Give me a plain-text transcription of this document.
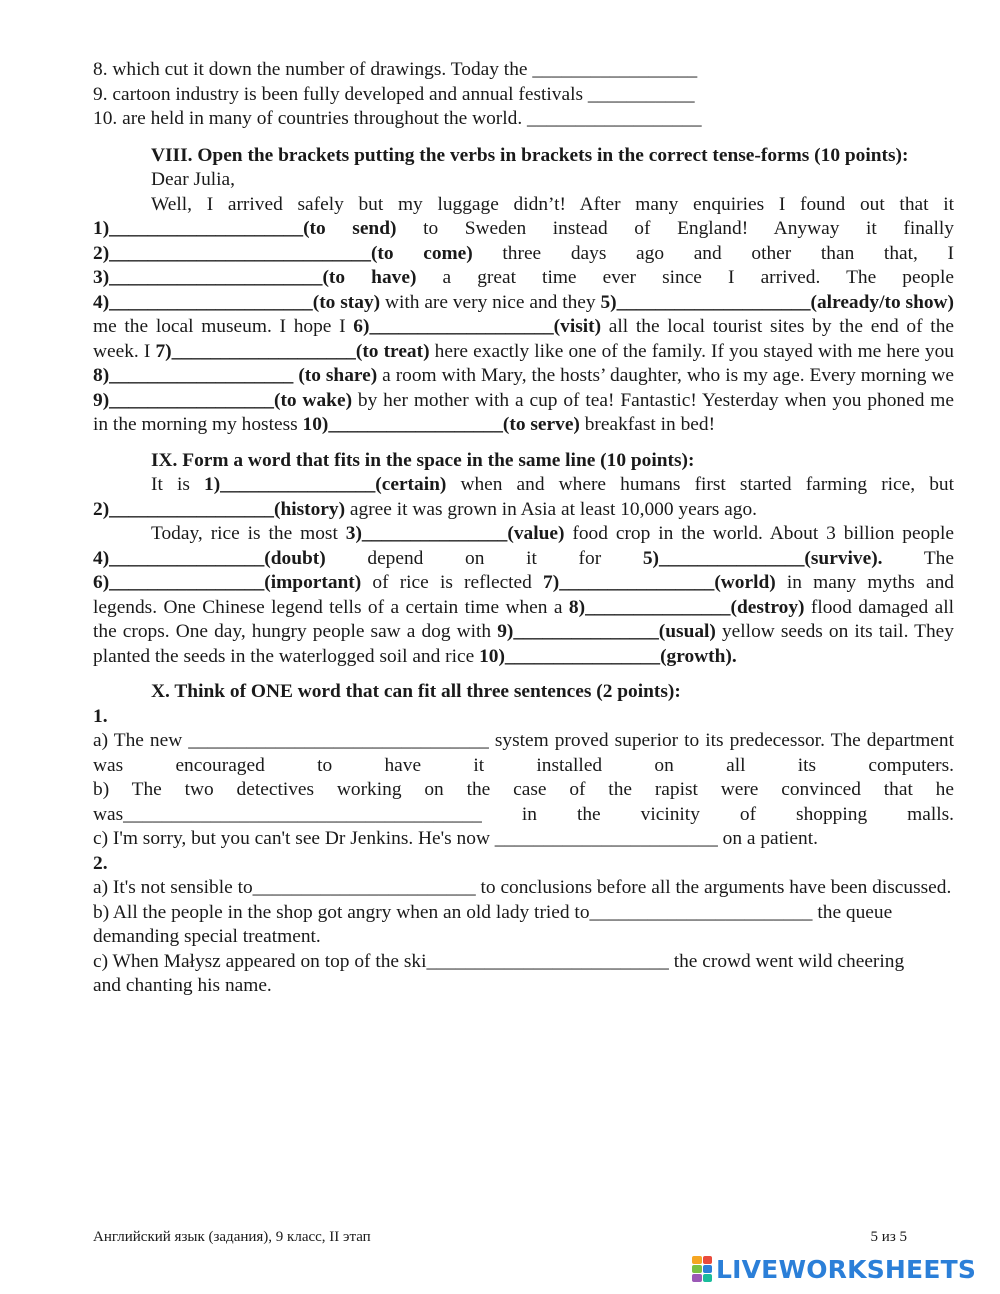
8. which cut it down the number of drawings. Today the _________________
9. cartoon industry is been fully developed and annual festivals ___________
10. are held in many of countries throughout the world. __________________
VIII. Open the brackets putting the verbs in brackets in the correct tense-forms (10 points):
Dear Julia,
Well, I arrived safely but my luggage didn’t! After many enquiries I found out that it
1)____________________(to send) to Sweden instead of England! Anyway it finally 2)___________________________(to come) three days ago and other than that, I 3)______________________(to have) a great time ever since I arrived. The people 4)_____________________(to stay) with are very nice and they 5)____________________(already/to show) me the local museum. I hope I 6)___________________(visit) all the local tourist sites by the end of the week. I 7)___________________(to treat) here exactly like one of the family. If you stayed with me here you 8)___________________ (to share) a room with Mary, the hosts’ daughter, who is my age. Every morning we 9)_________________(to wake) by her mother with a cup of tea! Fantastic! Yesterday when you phoned me in the morning my hostess 10)__________________(to serve) breakfast in bed!
IX. Form a word that fits in the space in the same line (10 points):
It is 1)________________(certain) when and where humans first started farming rice, but 2)_________________(history) agree it was grown in Asia at least 10,000 years ago.
Today, rice is the most 3)_______________(value) food crop in the world. About 3 billion people 4)________________(doubt) depend on it for 5)_______________(survive). The 6)________________(important) of rice is reflected 7)________________(world) in many myths and legends. One Chinese legend tells of a certain time when a 8)_______________(destroy) flood damaged all the crops. One day, hungry people saw a dog with 9)_______________(usual) yellow seeds on its tail. They planted the seeds in the waterlogged soil and rice 10)________________(growth).
X. Think of ONE word that can fit all three sentences (2 points):
1.
a) The new _______________________________ system proved superior to its predecessor. The department was encouraged to have it installed on all its computers.
b) The two detectives working on the case of the rapist were convinced that he was_____________________________________ in the vicinity of shopping malls.
c) I'm sorry, but you can't see Dr Jenkins. He's now _______________________ on a patient.
2.
a) It's not sensible to_______________________ to conclusions before all the arguments have been discussed.
b) All the people in the shop got angry when an old lady tried to_______________________ the queue demanding special treatment.
c) When Małysz appeared on top of the ski_________________________ the crowd went wild cheering and chanting his name.
Английский язык (задания), 9 класс, II этап	5 из 5
LIVEWORKSHEETS
